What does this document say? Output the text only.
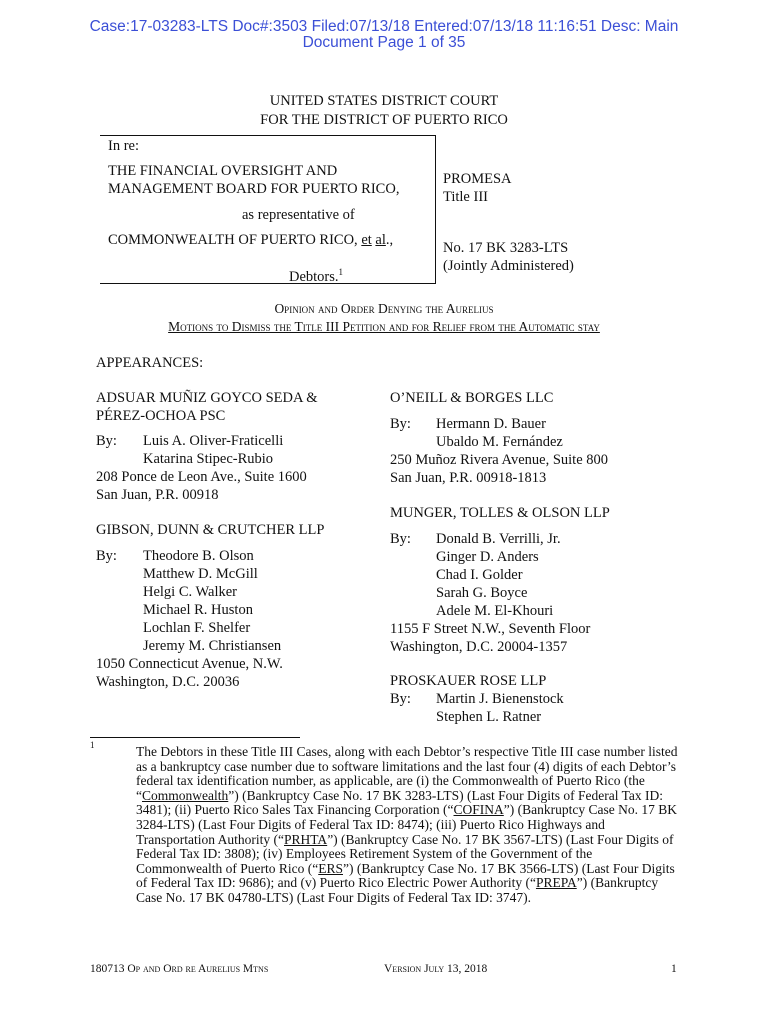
Case:17-03283-LTS Doc#:3503 Filed:07/13/18 Entered:07/13/18 11:16:51 Desc: Main
Document Page 1 of 35
UNITED STATES DISTRICT COURT
FOR THE DISTRICT OF PUERTO RICO
In re:
THE FINANCIAL OVERSIGHT AND
MANAGEMENT BOARD FOR PUERTO RICO,
as representative of
COMMONWEALTH OF PUERTO RICO, et al.,
Debtors.$^1$
PROMESA
Title III
No. 17 BK 3283-LTS
(Jointly Administered)
Opinion and Order Denying the Aurelius
Motions to Dismiss the Title III Petition and for Relief from the Automatic stay
APPEARANCES:
ADSUAR MUÑIZ GOYCO SEDA &
PÉREZ-OCHOA PSC
By: Luis A. Oliver-Fraticelli
Katarina Stipec-Rubio
208 Ponce de Leon Ave., Suite 1600
San Juan, P.R. 00918
GIBSON, DUNN & CRUTCHER LLP
By: Theodore B. Olson
Matthew D. McGill
Helgi C. Walker
Michael R. Huston
Lochlan F. Shelfer
Jeremy M. Christiansen
1050 Connecticut Avenue, N.W.
Washington, D.C. 20036
O’NEILL & BORGES LLC
By: Hermann D. Bauer
Ubaldo M. Fernández
250 Muñoz Rivera Avenue, Suite 800
San Juan, P.R. 00918-1813
MUNGER, TOLLES & OLSON LLP
By: Donald B. Verrilli, Jr.
Ginger D. Anders
Chad I. Golder
Sarah G. Boyce
Adele M. El-Khouri
1155 F Street N.W., Seventh Floor
Washington, D.C. 20004-1357
PROSKAUER ROSE LLP
By: Martin J. Bienenstock
Stephen L. Ratner
1	The Debtors in these Title III Cases, along with each Debtor’s respective Title III case number listed as a bankruptcy case number due to software limitations and the last four (4) digits of each Debtor’s federal tax identification number, as applicable, are (i) the Commonwealth of Puerto Rico (the “Commonwealth”) (Bankruptcy Case No. 17 BK 3283-LTS) (Last Four Digits of Federal Tax ID: 3481); (ii) Puerto Rico Sales Tax Financing Corporation (“COFINA”) (Bankruptcy Case No. 17 BK 3284-LTS) (Last Four Digits of Federal Tax ID: 8474); (iii) Puerto Rico Highways and Transportation Authority (“PRHTA”) (Bankruptcy Case No. 17 BK 3567-LTS) (Last Four Digits of Federal Tax ID: 3808); (iv) Employees Retirement System of the Government of the Commonwealth of Puerto Rico (“ERS”) (Bankruptcy Case No. 17 BK 3566-LTS) (Last Four Digits of Federal Tax ID: 9686); and (v) Puerto Rico Electric Power Authority (“PREPA”) (Bankruptcy Case No. 17 BK 04780-LTS) (Last Four Digits of Federal Tax ID: 3747).
180713 Op and Ord re Aurelius Mtns	Version July 13, 2018	1
